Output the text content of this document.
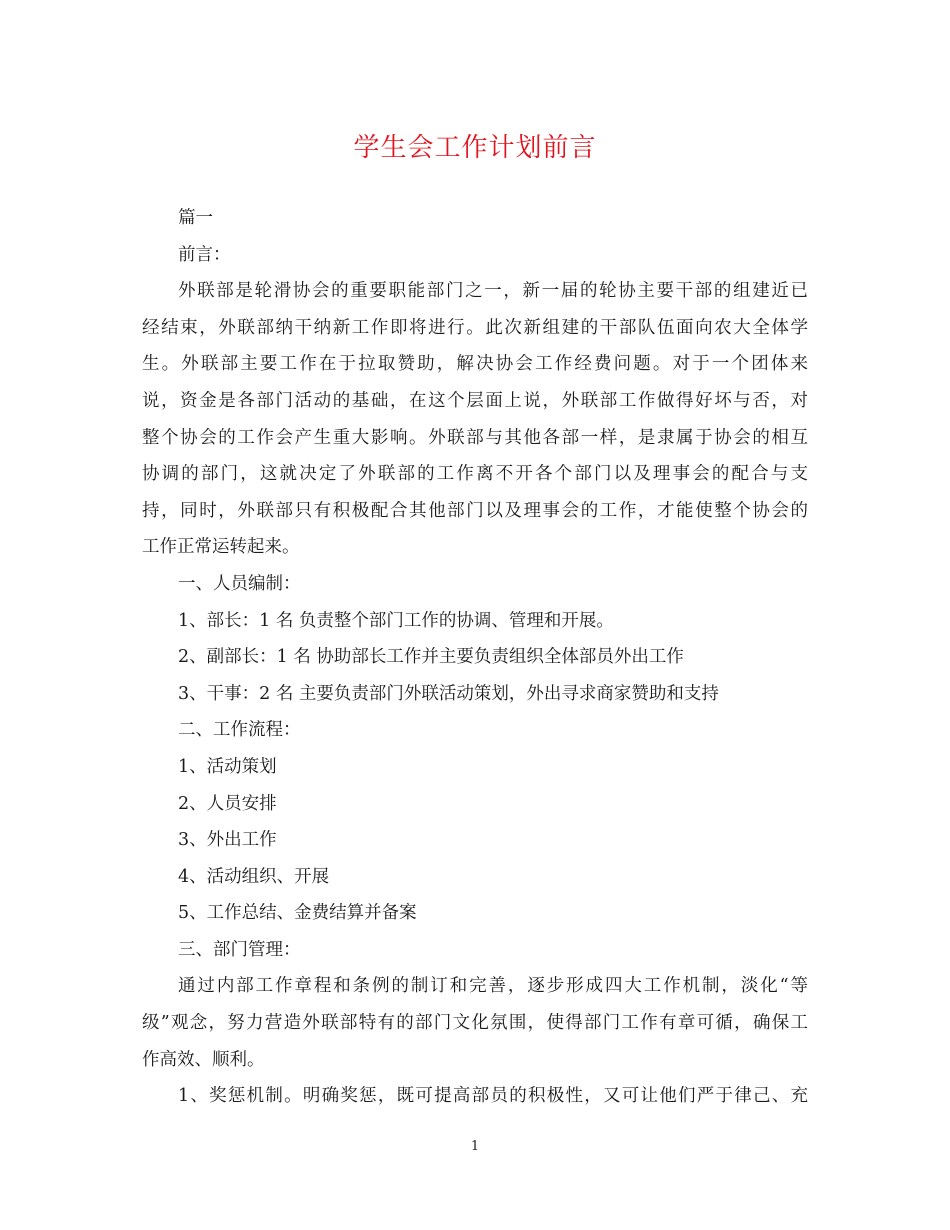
学生会工作计划前言
篇一
前言：
外联部是轮滑协会的重要职能部门之一，新一届的轮协主要干部的组建近已
经结束，外联部纳干纳新工作即将进行。此次新组建的干部队伍面向农大全体学
生。外联部主要工作在于拉取赞助，解决协会工作经费问题。对于一个团体来
说，资金是各部门活动的基础，在这个层面上说，外联部工作做得好坏与否，对
整个协会的工作会产生重大影响。外联部与其他各部一样，是隶属于协会的相互
协调的部门，这就决定了外联部的工作离不开各个部门以及理事会的配合与支
持，同时，外联部只有积极配合其他部门以及理事会的工作，才能使整个协会的
工作正常运转起来。
一、人员编制：
1、部长：1 名 负责整个部门工作的协调、管理和开展。
2、副部长：1 名 协助部长工作并主要负责组织全体部员外出工作
3、干事：2 名 主要负责部门外联活动策划，外出寻求商家赞助和支持
二、工作流程：
1、活动策划
2、人员安排
3、外出工作
4、活动组织、开展
5、工作总结、金费结算并备案
三、部门管理：
通过内部工作章程和条例的制订和完善，逐步形成四大工作机制，淡化“等
级”观念，努力营造外联部特有的部门文化氛围，使得部门工作有章可循，确保工
作高效、顺利。
1、奖惩机制。明确奖惩，既可提高部员的积极性，又可让他们严于律己、充
1
